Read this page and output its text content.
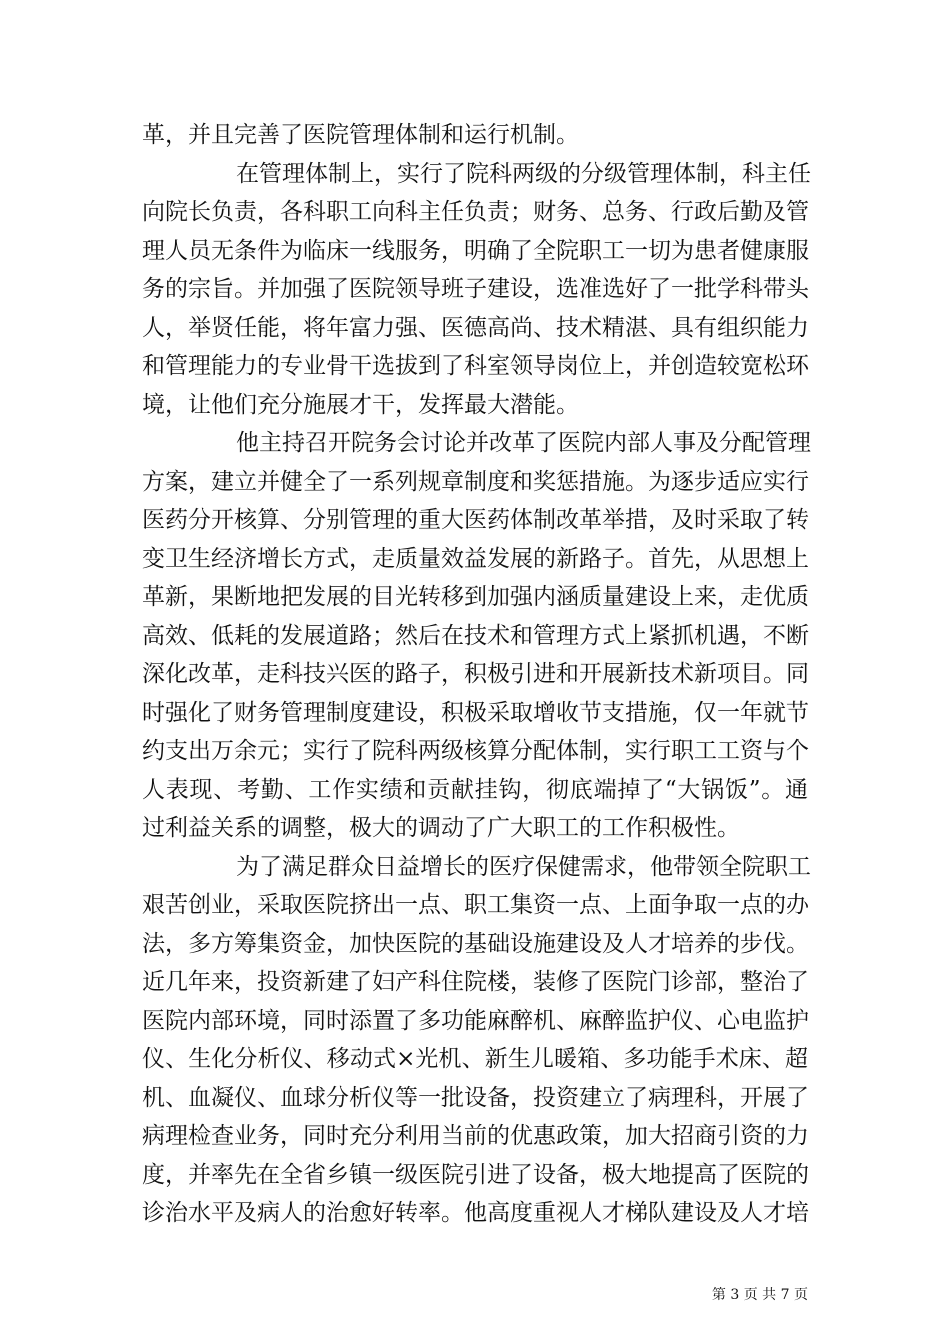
革，并且完善了医院管理体制和运行机制。
在管理体制上，实行了院科两级的分级管理体制，科主任
向院长负责，各科职工向科主任负责；财务、总务、行政后勤及管
理人员无条件为临床一线服务，明确了全院职工一切为患者健康服
务的宗旨。并加强了医院领导班子建设，选准选好了一批学科带头
人，举贤任能，将年富力强、医德高尚、技术精湛、具有组织能力
和管理能力的专业骨干选拔到了科室领导岗位上，并创造较宽松环
境，让他们充分施展才干，发挥最大潜能。
他主持召开院务会讨论并改革了医院内部人事及分配管理
方案，建立并健全了一系列规章制度和奖惩措施。为逐步适应实行
医药分开核算、分别管理的重大医药体制改革举措，及时采取了转
变卫生经济增长方式，走质量效益发展的新路子。首先，从思想上
革新，果断地把发展的目光转移到加强内涵质量建设上来，走优质
高效、低耗的发展道路；然后在技术和管理方式上紧抓机遇，不断
深化改革，走科技兴医的路子，积极引进和开展新技术新项目。同
时强化了财务管理制度建设，积极采取增收节支措施，仅一年就节
约支出万余元；实行了院科两级核算分配体制，实行职工工资与个
人表现、考勤、工作实绩和贡献挂钩，彻底端掉了“大锅饭”。通
过利益关系的调整，极大的调动了广大职工的工作积极性。
为了满足群众日益增长的医疗保健需求，他带领全院职工
艰苦创业，采取医院挤出一点、职工集资一点、上面争取一点的办
法，多方筹集资金，加快医院的基础设施建设及人才培养的步伐。
近几年来，投资新建了妇产科住院楼，装修了医院门诊部，整治了
医院内部环境，同时添置了多功能麻醉机、麻醉监护仪、心电监护
仪、生化分析仪、移动式×光机、新生儿暖箱、多功能手术床、超
机、血凝仪、血球分析仪等一批设备，投资建立了病理科，开展了
病理检查业务，同时充分利用当前的优惠政策，加大招商引资的力
度，并率先在全省乡镇一级医院引进了设备，极大地提高了医院的
诊治水平及病人的治愈好转率。他高度重视人才梯队建设及人才培
第 3 页 共 7 页
